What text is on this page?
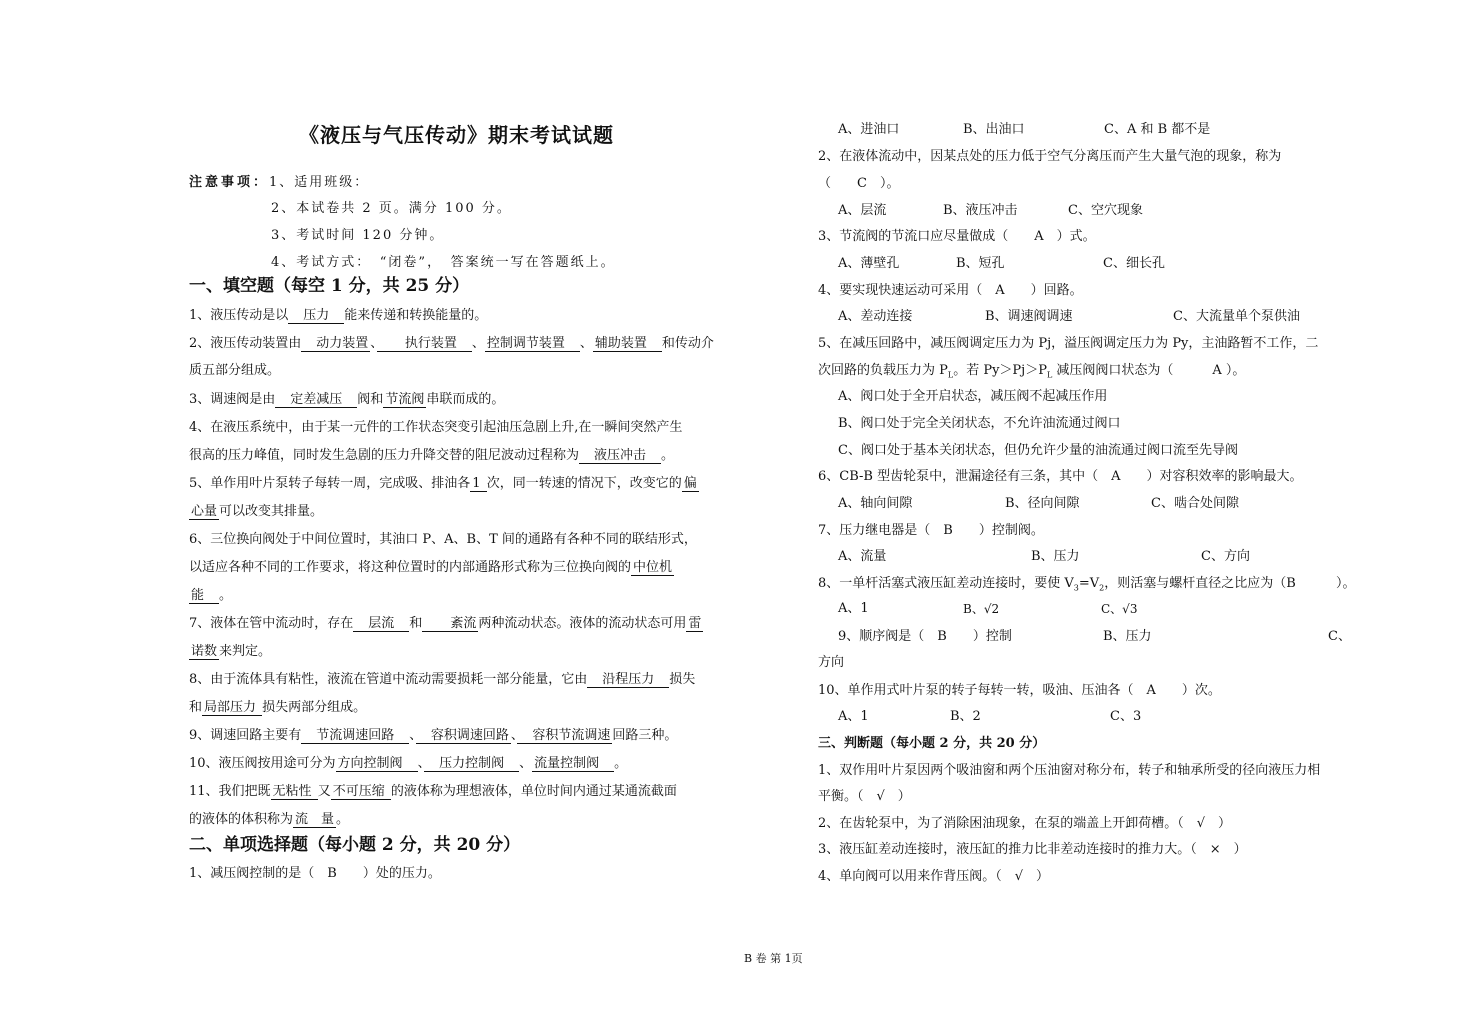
《液压与气压传动》期末考试试题
注意事项：1、适用班级：
2、本试卷共 2 页。满分 100 分。
3、考试时间 120 分钟。
4、考试方式：　“闭卷”，　答案统一写在答题纸上。
一、填空题（每空 1 分，共 25 分）
1、液压传动是以　压力　能来传递和转换能量的。
2、液压传动装置由　动力装置 、　　执行装置　、 控制调节装置　、 辅助装置　和传动介
质五部分组成。
3、调速阀是由　定差减压　阀和 节流阀 串联而成的。
4、在液压系统中，由于某一元件的工作状态突变引起油压急剧上升,在一瞬间突然产生
很高的压力峰值，同时发生急剧的压力升降交替的阻尼波动过程称为　液压冲击　。
5、单作用叶片泵转子每转一周，完成吸、排油各 1 次，同一转速的情况下，改变它的 偏
心量 可以改变其排量。
6、三位换向阀处于中间位置时，其油口 P、A、B、T 间的通路有各种不同的联结形式，
以适应各种不同的工作要求，将这种位置时的内部通路形式称为三位换向阀的 中位机
能　。
7、液体在管中流动时，存在　层流　和　　紊流 两种流动状态。液体的流动状态可用 雷
诺数 来判定。
8、由于流体具有粘性，液流在管道中流动需要损耗一部分能量，它由　沿程压力　损失
和 局部压力 损失两部分组成。
9、调速回路主要有　节流调速回路　、　容积调速回路 、　容积节流调速 回路三种。
10、液压阀按用途可分为 方向控制阀　、　压力控制阀　、 流量控制阀　。
11、我们把既 无粘性 又 不可压缩 的液体称为理想液体，单位时间内通过某通流截面
的液体的体积称为 流　量 。
二、单项选择题（每小题 2 分，共 20 分）
1、减压阀控制的是（　B　　）处的压力。
A、进油口	B、出油口	C、A 和 B 都不是
2、在液体流动中，因某点处的压力低于空气分离压而产生大量气泡的现象，称为
（　　C　）。
A、层流	B、液压冲击	C、空穴现象
3、节流阀的节流口应尽量做成（　　A　）式。
A、薄壁孔	B、短孔	C、细长孔
4、要实现快速运动可采用（　A　　）回路。
A、差动连接	B、调速阀调速	C、大流量单个泵供油
5、在减压回路中，减压阀调定压力为 Pj，溢压阀调定压力为 Py，主油路暂不工作，二
次回路的负载压力为 $P_L$。若 $Py>Pj>P_L$ 减压阀阀口状态为（　　　A ）。
A、阀口处于全开启状态，减压阀不起减压作用
B、阀口处于完全关闭状态，不允许油流通过阀口
C、阀口处于基本关闭状态，但仍允许少量的油流通过阀口流至先导阀
6、CB-B 型齿轮泵中，泄漏途径有三条，其中（　A　　）对容积效率的影响最大。
A、轴向间隙	B、径向间隙	C、啮合处间隙
7、压力继电器是（　B　　）控制阀。
A、流量	B、压力	C、方向
8、一单杆活塞式液压缸差动连接时，要使 $V_3=V_2$，则活塞与螺杆直径之比应为（B	）。
A、1	B、√2	C、√3
9、顺序阀是（　B　　）控制	B、压力	C、
方向
10、单作用式叶片泵的转子每转一转，吸油、压油各（　A　　）次。
A、1	B、2	C、3
三、判断题（每小题 2 分，共 20 分）
1、双作用叶片泵因两个吸油窗和两个压油窗对称分布，转子和轴承所受的径向液压力相
平衡。（　√　）
2、在齿轮泵中，为了消除困油现象，在泵的端盖上开卸荷槽。（　√　）
3、液压缸差动连接时，液压缸的推力比非差动连接时的推力大。（　×　）
4、单向阀可以用来作背压阀。（　√　）
B 卷 第 1页
